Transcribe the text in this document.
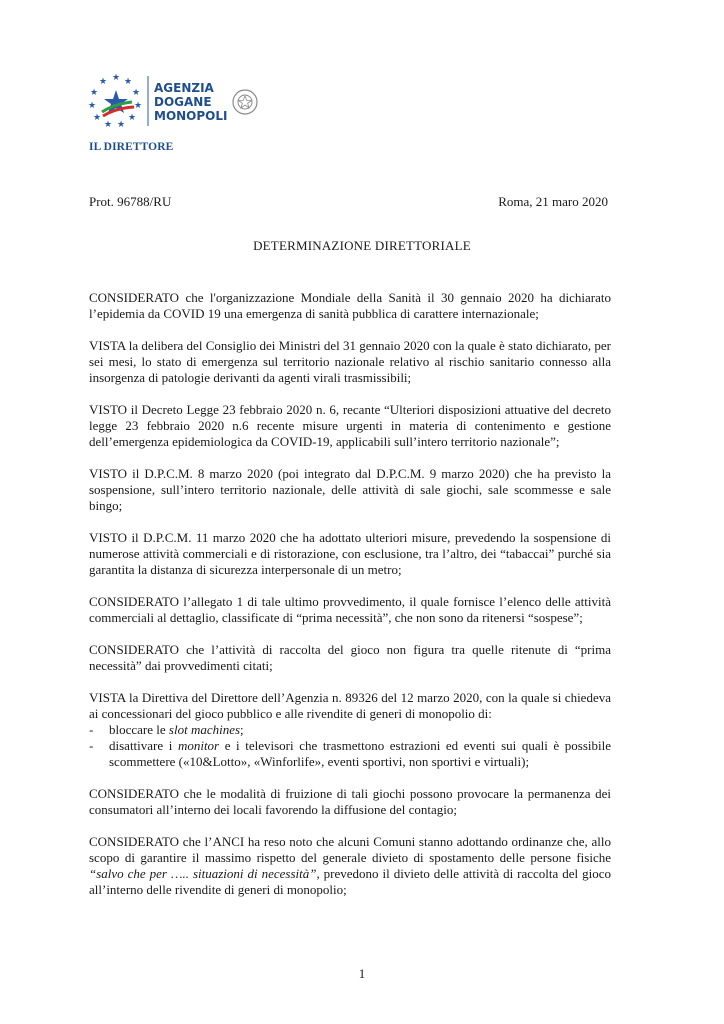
★ ★
★
★
★
★
★
★
★
★
★	AGENZIA
DOGANE
MONOPOLI
IL DIRETTORE
Prot. 96788/RU	Roma, 21 maro 2020
DETERMINAZIONE DIRETTORIALE

CONSIDERATO che l'organizzazione Mondiale della Sanità il 30 gennaio 2020 ha dichiarato l’epidemia da COVID 19 una emergenza di sanità pubblica di carattere internazionale;

VISTA la delibera del Consiglio dei Ministri del 31 gennaio 2020 con la quale è stato dichiarato, per sei mesi, lo stato di emergenza sul territorio nazionale relativo al rischio sanitario connesso alla insorgenza di patologie derivanti da agenti virali trasmissibili;

VISTO il Decreto Legge 23 febbraio 2020 n. 6, recante “Ulteriori disposizioni attuative del decreto legge 23 febbraio 2020 n.6 recente misure urgenti in materia di contenimento e gestione dell’emergenza epidemiologica da COVID-19, applicabili sull’intero territorio nazionale”;

VISTO il D.P.C.M. 8 marzo 2020 (poi integrato dal D.P.C.M. 9 marzo 2020) che ha previsto la sospensione, sull’intero territorio nazionale, delle attività di sale giochi, sale scommesse e sale bingo;

VISTO il D.P.C.M. 11 marzo 2020 che ha adottato ulteriori misure, prevedendo la sospensione di numerose attività commerciali e di ristorazione, con esclusione, tra l’altro, dei “tabaccai” purché sia garantita la distanza di sicurezza interpersonale di un metro;

CONSIDERATO l’allegato 1 di tale ultimo provvedimento, il quale fornisce l’elenco delle attività commerciali al dettaglio, classificate di “prima necessità”, che non sono da ritenersi “sospese”;

CONSIDERATO che l’attività di raccolta del gioco non figura tra quelle ritenute di “prima necessità” dai provvedimenti citati;

VISTA la Direttiva del Direttore dell’Agenzia n. 89326 del 12 marzo 2020, con la quale si chiedeva ai concessionari del gioco pubblico e alle rivendite di generi di monopolio di:

- bloccare le slot machines;
- disattivare i monitor e i televisori che trasmettono estrazioni ed eventi sui quali è possibile scommettere («10&Lotto», «Winforlife», eventi sportivi, non sportivi e virtuali);

CONSIDERATO che le modalità di fruizione di tali giochi possono provocare la permanenza dei consumatori all’interno dei locali favorendo la diffusione del contagio;

CONSIDERATO che l’ANCI ha reso noto che alcuni Comuni stanno adottando ordinanze che, allo scopo di garantire il massimo rispetto del generale divieto di spostamento delle persone fisiche “salvo che per ….. situazioni di necessità”, prevedono il divieto delle attività di raccolta del gioco all’interno delle rivendite di generi di monopolio;

1
